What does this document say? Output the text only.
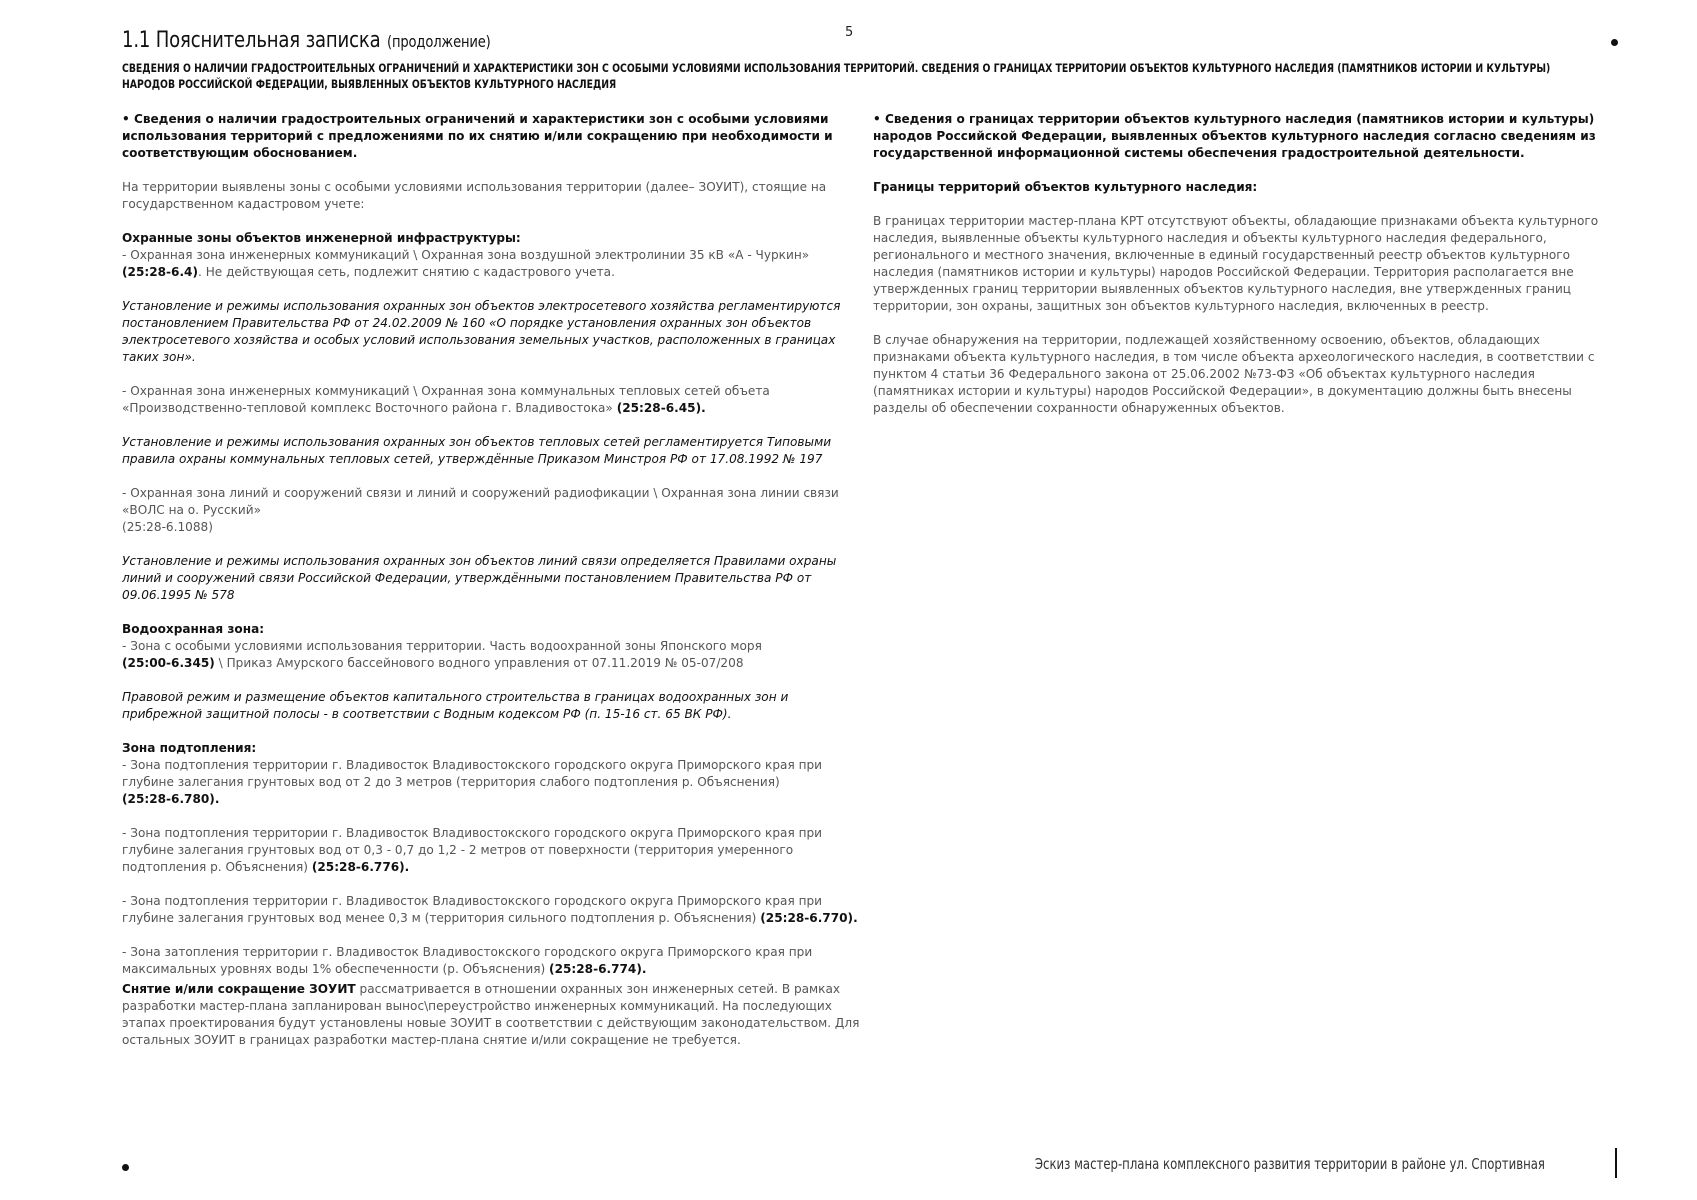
5
1.1 Пояснительная записка (продолжение)
СВЕДЕНИЯ О НАЛИЧИИ ГРАДОСТРОИТЕЛЬНЫХ ОГРАНИЧЕНИЙ И ХАРАКТЕРИСТИКИ ЗОН С ОСОБЫМИ УСЛОВИЯМИ ИСПОЛЬЗОВАНИЯ ТЕРРИТОРИЙ. СВЕДЕНИЯ О ГРАНИЦАХ ТЕРРИТОРИИ ОБЪЕКТОВ КУЛЬТУРНОГО НАСЛЕДИЯ (ПАМЯТНИКОВ ИСТОРИИ И КУЛЬТУРЫ) НАРОДОВ РОССИЙСКОЙ ФЕДЕРАЦИИ, ВЫЯВЛЕННЫХ ОБЪЕКТОВ КУЛЬТУРНОГО НАСЛЕДИЯ

• Сведения о наличии градостроительных ограничений и характеристики зон с особыми условиями использования территорий с предложениями по их снятию и/или сокращению при необходимости и соответствующим обоснованием.

На территории выявлены зоны с особыми условиями использования территории (далее– ЗОУИТ), стоящие на государственном кадастровом учете:

Охранные зоны объектов инженерной инфраструктуры:

- Охранная зона инженерных коммуникаций \ Охранная зона воздушной электролинии 35 кВ «А - Чуркин» (25:28-6.4). Не действующая сеть, подлежит снятию с кадастрового учета.

Установление и режимы использования охранных зон объектов электросетевого хозяйства регламентируются постановлением Правительства РФ от 24.02.2009 № 160 «О порядке установления охранных зон объектов электросетевого хозяйства и особых условий использования земельных участков, расположенных в границах таких зон».

- Охранная зона инженерных коммуникаций \ Охранная зона коммунальных тепловых сетей объета «Производственно-тепловой комплекс Восточного района г. Владивостока» (25:28-6.45).

Установление и режимы использования охранных зон объектов тепловых сетей регламентируется Типовыми правила охраны коммунальных тепловых сетей, утверждённые Приказом Минстроя РФ от 17.08.1992 № 197

- Охранная зона линий и сооружений связи и линий и сооружений радиофикации \ Охранная зона линии связи «ВОЛС на о. Русский»
(25:28-6.1088)

Установление и режимы использования охранных зон объектов линий связи определяется Правилами охраны линий и сооружений связи Российской Федерации, утверждёнными постановлением Правительства РФ от 09.06.1995 № 578

Водоохранная зона:

- Зона с особыми условиями использования территории. Часть водоохранной зоны Японского моря
(25:00-6.345) \ Приказ Амурского бассейнового водного управления от 07.11.2019 № 05-07/208

Правовой режим и размещение объектов капитального строительства в границах водоохранных зон и прибрежной защитной полосы - в соответствии с Водным кодексом РФ (п. 15-16 ст. 65 ВК РФ).

Зона подтопления:

- Зона подтопления территории г. Владивосток Владивостокского городского округа Приморского края при глубине залегания грунтовых вод от 2 до 3 метров (территория слабого подтопления р. Объяснения)
(25:28-6.780).

- Зона подтопления территории г. Владивосток Владивостокского городского округа Приморского края при глубине залегания грунтовых вод от 0,3 - 0,7 до 1,2 - 2 метров от поверхности (территория умеренного подтопления р. Объяснения) (25:28-6.776).

- Зона подтопления территории г. Владивосток Владивостокского городского округа Приморского края при глубине залегания грунтовых вод менее 0,3 м (территория сильного подтопления р. Объяснения) (25:28-6.770).

- Зона затопления территории г. Владивосток Владивостокского городского округа Приморского края при максимальных уровнях воды 1% обеспеченности (р. Объяснения) (25:28-6.774).

Снятие и/или сокращение ЗОУИТ рассматривается в отношении охранных зон инженерных сетей. В рамках разработки мастер-плана запланирован вынос\переустройство инженерных коммуникаций. На последующих этапах проектирования будут установлены новые ЗОУИТ в соответствии с действующим законодательством. Для остальных ЗОУИТ в границах разработки мастер-плана снятие и/или сокращение не требуется.

• Сведения о границах территории объектов культурного наследия (памятников истории и культуры) народов Российской Федерации, выявленных объектов культурного наследия согласно сведениям из государственной информационной системы обеспечения градостроительной деятельности.

Границы территорий объектов культурного наследия:

В границах территории мастер-плана КРТ отсутствуют объекты, обладающие признаками объекта культурного наследия, выявленные объекты культурного наследия и объекты культурного наследия федерального, регионального и местного значения, включенные в единый государственный реестр объектов культурного наследия (памятников истории и культуры) народов Российской Федерации. Территория располагается вне утвержденных границ территории выявленных объектов культурного наследия, вне утвержденных границ территории, зон охраны, защитных зон объектов культурного наследия, включенных в реестр.

В случае обнаружения на территории, подлежащей хозяйственному освоению, объектов, обладающих признаками объекта культурного наследия, в том числе объекта археологического наследия, в соответствии с пунктом 4 статьи 36 Федерального закона от 25.06.2002 №73-ФЗ «Об объектах культурного наследия (памятниках истории и культуры) народов Российской Федерации», в документацию должны быть внесены разделы об обеспечении сохранности обнаруженных объектов.

Эскиз мастер-плана комплексного развития территории в районе ул. Спортивная
